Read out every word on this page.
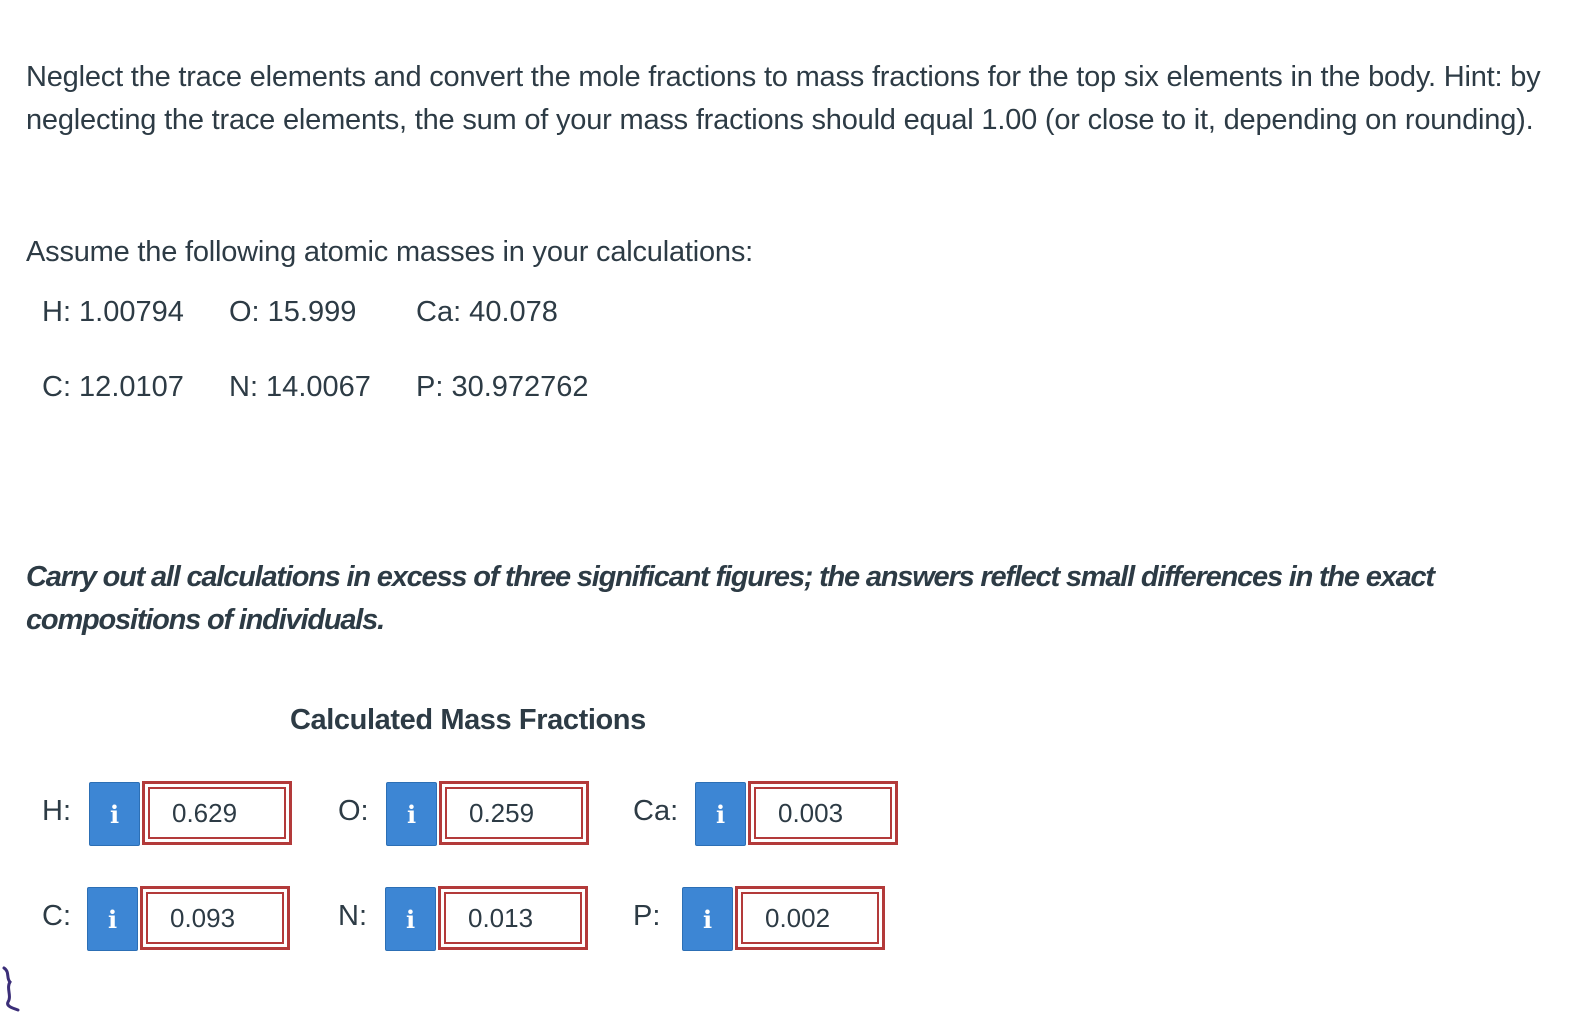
Neglect the trace elements and convert the mole fractions to mass fractions for the top six elements in the body. Hint: by neglecting the trace elements, the sum of your mass fractions should equal 1.00 (or close to it, depending on rounding).
Assume the following atomic masses in your calculations:
H: 1.00794 O: 15.999 Ca: 40.078
C: 12.0107 N: 14.0067 P: 30.972762
Carry out all calculations in excess of three significant figures; the answers reflect small differences in the exact compositions of individuals.
Calculated Mass Fractions
H: i	0.629	O: i	0.259	Ca: i	0.003
C: i	0.093	N: i	0.013	P: i	0.002
